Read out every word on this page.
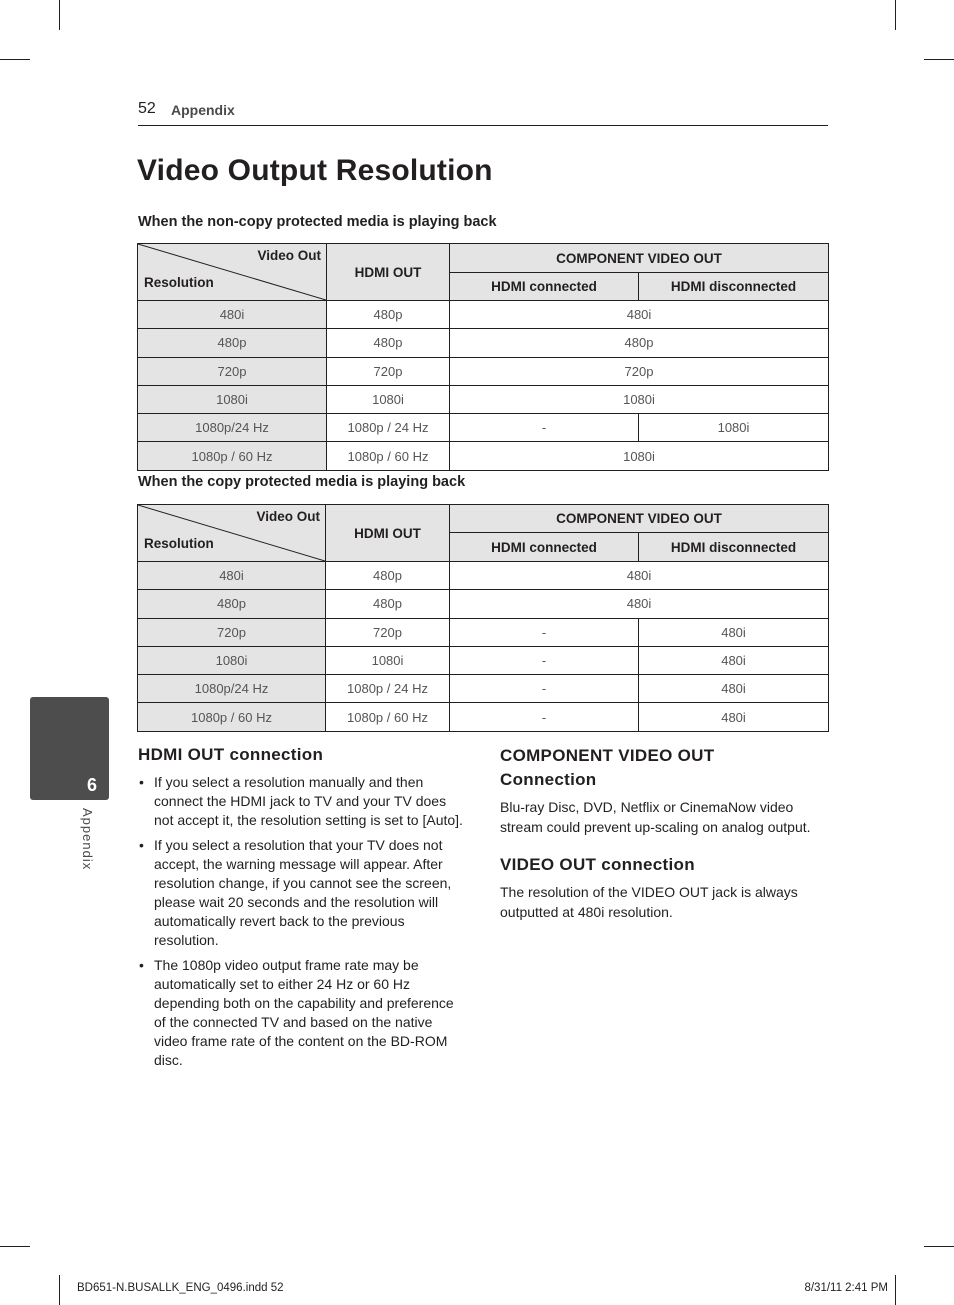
52 Appendix
Video Output Resolution

When the non-copy protected media is playing back

Video Out
Resolution	HDMI OUT	COMPONENT VIDEO OUT	
		HDMI connected	HDMI disconnected
480i	480p	480i	
480p	480p	480p	
720p	720p	720p	
1080i	1080i	1080i	
1080p/24 Hz	1080p / 24 Hz	-	1080i
1080p / 60 Hz	1080p / 60 Hz	1080i	

When the copy protected media is playing back

Video Out
Resolution	HDMI OUT	COMPONENT VIDEO OUT	
		HDMI connected	HDMI disconnected
480i	480p	480i	
480p	480p	480i	
720p	720p	-	480i
1080i	1080i	-	480i
1080p/24 Hz	1080p / 24 Hz	-	480i
1080p / 60 Hz	1080p / 60 Hz	-	480i
HDMI OUT connection
• If you select a resolution manually and then connect the HDMI jack to TV and your TV does not accept it, the resolution setting is set to [Auto].
• If you select a resolution that your TV does not accept, the warning message will appear. After resolution change, if you cannot see the screen, please wait 20 seconds and the resolution will automatically revert back to the previous resolution.
• The 1080p video output frame rate may be automatically set to either 24 Hz or 60 Hz depending both on the capability and preference of the connected TV and based on the native video frame rate of the content on the BD-ROM disc.
COMPONENT VIDEO OUT
Connection

Blu-ray Disc, DVD, Netflix or CinemaNow video stream could prevent up-scaling on analog output.

VIDEO OUT connection

The resolution of the VIDEO OUT jack is always outputted at 480i resolution.

6
Appendix
BD651-N.BUSALLK_ENG_0496.indd 52	8/31/11 2:41 PM
